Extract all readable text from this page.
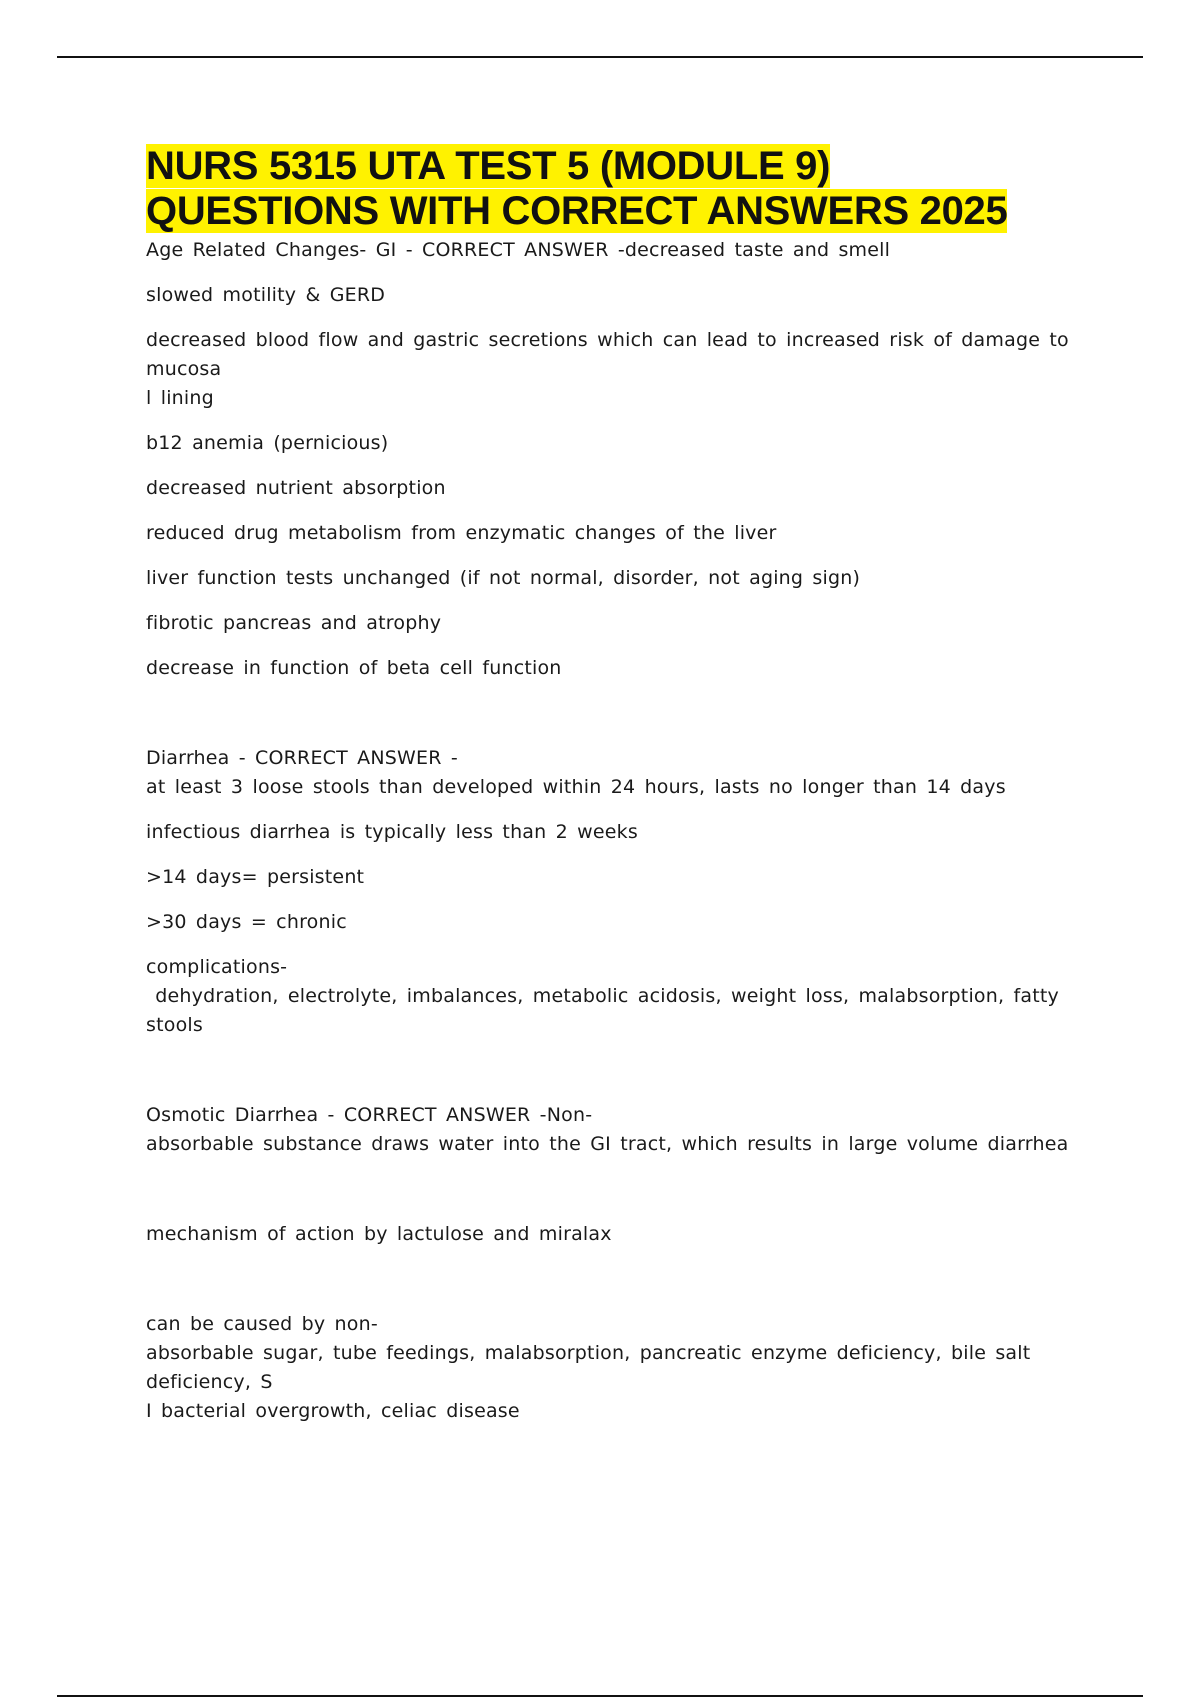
NURS 5315 UTA TEST 5 (MODULE 9)
QUESTIONS WITH CORRECT ANSWERS 2025

Age Related Changes- GI - CORRECT ANSWER -decreased taste and smell

slowed motility & GERD

decreased blood flow and gastric secretions which can lead to increased risk of damage to mucosa

l lining

b12 anemia (pernicious)

decreased nutrient absorption

reduced drug metabolism from enzymatic changes of the liver

liver function tests unchanged (if not normal, disorder, not aging sign)

fibrotic pancreas and atrophy

decrease in function of beta cell function

Diarrhea - CORRECT ANSWER -

at least 3 loose stools than developed within 24 hours, lasts no longer than 14 days

infectious diarrhea is typically less than 2 weeks

>14 days= persistent

>30 days = chronic

complications-

dehydration, electrolyte, imbalances, metabolic acidosis, weight loss, malabsorption, fatty stools

Osmotic Diarrhea - CORRECT ANSWER -Non-

absorbable substance draws water into the GI tract, which results in large volume diarrhea

mechanism of action by lactulose and miralax

can be caused by non-

absorbable sugar, tube feedings, malabsorption, pancreatic enzyme deficiency, bile salt deficiency, S

I bacterial overgrowth, celiac disease
